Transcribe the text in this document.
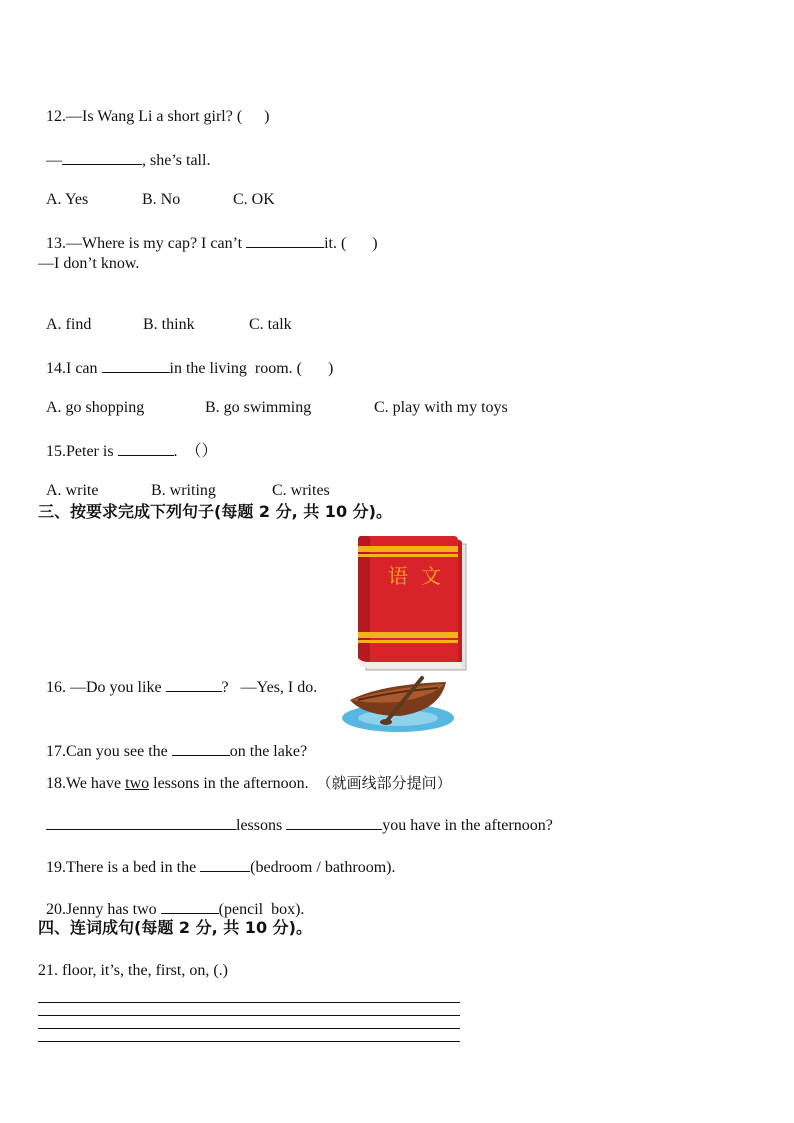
12.—Is Wang Li a short girl? ( )

—	, she’s tall.

A. Yes	B. No	C. OK

13.—Where is my cap? I can’t	it. ( )

—I don’t know.

A. find	B. think	C. talk

14.I can	in the living  room. ( )

A. go shopping	B. go swimming	C. play with my toys

15.Peter is	.  （）

A. write	B. writing	C. writes

三、按要求完成下列句子(每题 2 分, 共 10 分)。
语 文

16. —Do you like	?   —Yes, I do.

17.Can you see the	on the lake?

18.We have two lessons in the afternoon. （就画线部分提问）

lessons	you have in the afternoon?

19.There is a bed in the	(bedroom / bathroom).

20.Jenny has two	(pencil  box).

四、连词成句(每题 2 分, 共 10 分)。
21. floor, it’s, the, first, on, (.)
